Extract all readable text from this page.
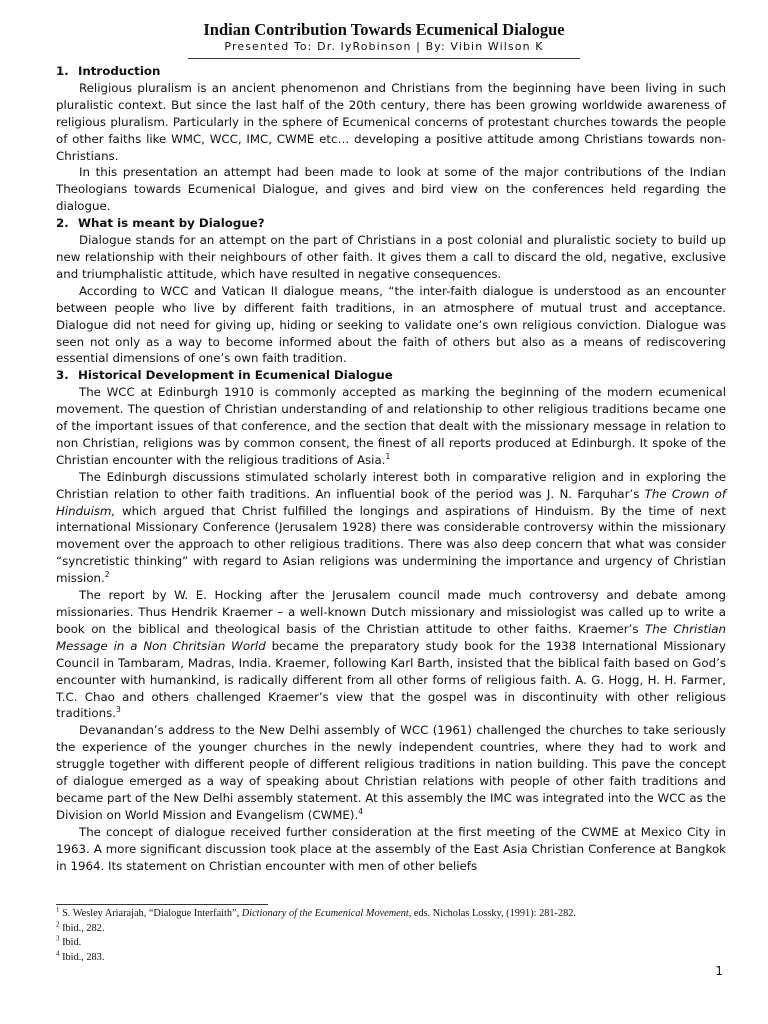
Indian Contribution Towards Ecumenical Dialogue
Presented To: Dr. IyRobinson | By: Vibin Wilson K
1. Introduction

Religious pluralism is an ancient phenomenon and Christians from the beginning have been living in such pluralistic context. But since the last half of the 20th century, there has been growing worldwide awareness of religious pluralism. Particularly in the sphere of Ecumenical concerns of protestant churches towards the people of other faiths like WMC, WCC, IMC, CWME etc… developing a positive attitude among Christians towards non-Christians.

In this presentation an attempt had been made to look at some of the major contributions of the Indian Theologians towards Ecumenical Dialogue, and gives and bird view on the conferences held regarding the dialogue.

2. What is meant by Dialogue?

Dialogue stands for an attempt on the part of Christians in a post colonial and pluralistic society to build up new relationship with their neighbours of other faith. It gives them a call to discard the old, negative, exclusive and triumphalistic attitude, which have resulted in negative consequences.

According to WCC and Vatican II dialogue means, “the inter-faith dialogue is understood as an encounter between people who live by different faith traditions, in an atmosphere of mutual trust and acceptance. Dialogue did not need for giving up, hiding or seeking to validate one’s own religious conviction. Dialogue was seen not only as a way to become informed about the faith of others but also as a means of rediscovering essential dimensions of one’s own faith tradition.

3. Historical Development in Ecumenical Dialogue

The WCC at Edinburgh 1910 is commonly accepted as marking the beginning of the modern ecumenical movement. The question of Christian understanding of and relationship to other religious traditions became one of the important issues of that conference, and the section that dealt with the missionary message in relation to non Christian, religions was by common consent, the finest of all reports produced at Edinburgh. It spoke of the Christian encounter with the religious traditions of Asia.$^1$

The Edinburgh discussions stimulated scholarly interest both in comparative religion and in exploring the Christian relation to other faith traditions. An influential book of the period was J. N. Farquhar’s The Crown of Hinduism, which argued that Christ fulfilled the longings and aspirations of Hinduism. By the time of next international Missionary Conference (Jerusalem 1928) there was considerable controversy within the missionary movement over the approach to other religious traditions. There was also deep concern that what was consider “syncretistic thinking” with regard to Asian religions was undermining the importance and urgency of Christian mission.$^2$

The report by W. E. Hocking after the Jerusalem council made much controversy and debate among missionaries. Thus Hendrik Kraemer – a well-known Dutch missionary and missiologist was called up to write a book on the biblical and theological basis of the Christian attitude to other faiths. Kraemer’s The Christian Message in a Non Chritsian World became the preparatory study book for the 1938 International Missionary Council in Tambaram, Madras, India. Kraemer, following Karl Barth, insisted that the biblical faith based on God’s encounter with humankind, is radically different from all other forms of religious faith. A. G. Hogg, H. H. Farmer, T.C. Chao and others challenged Kraemer’s view that the gospel was in discontinuity with other religious traditions.$^3$

Devanandan’s address to the New Delhi assembly of WCC (1961) challenged the churches to take seriously the experience of the younger churches in the newly independent countries, where they had to work and struggle together with different people of different religious traditions in nation building. This pave the concept of dialogue emerged as a way of speaking about Christian relations with people of other faith traditions and became part of the New Delhi assembly statement. At this assembly the IMC was integrated into the WCC as the Division on World Mission and Evangelism (CWME).$^4$

The concept of dialogue received further consideration at the first meeting of the CWME at Mexico City in 1963. A more significant discussion took place at the assembly of the East Asia Christian Conference at Bangkok in 1964. Its statement on Christian encounter with men of other beliefs

$^1$ S. Wesley Ariarajah, “Dialogue Interfaith”, Dictionary of the Ecumenical Movement, eds. Nicholas Lossky, (1991): 281-282.
$^2$ Ibid., 282.
$^3$ Ibid.
$^4$ Ibid., 283.
1
